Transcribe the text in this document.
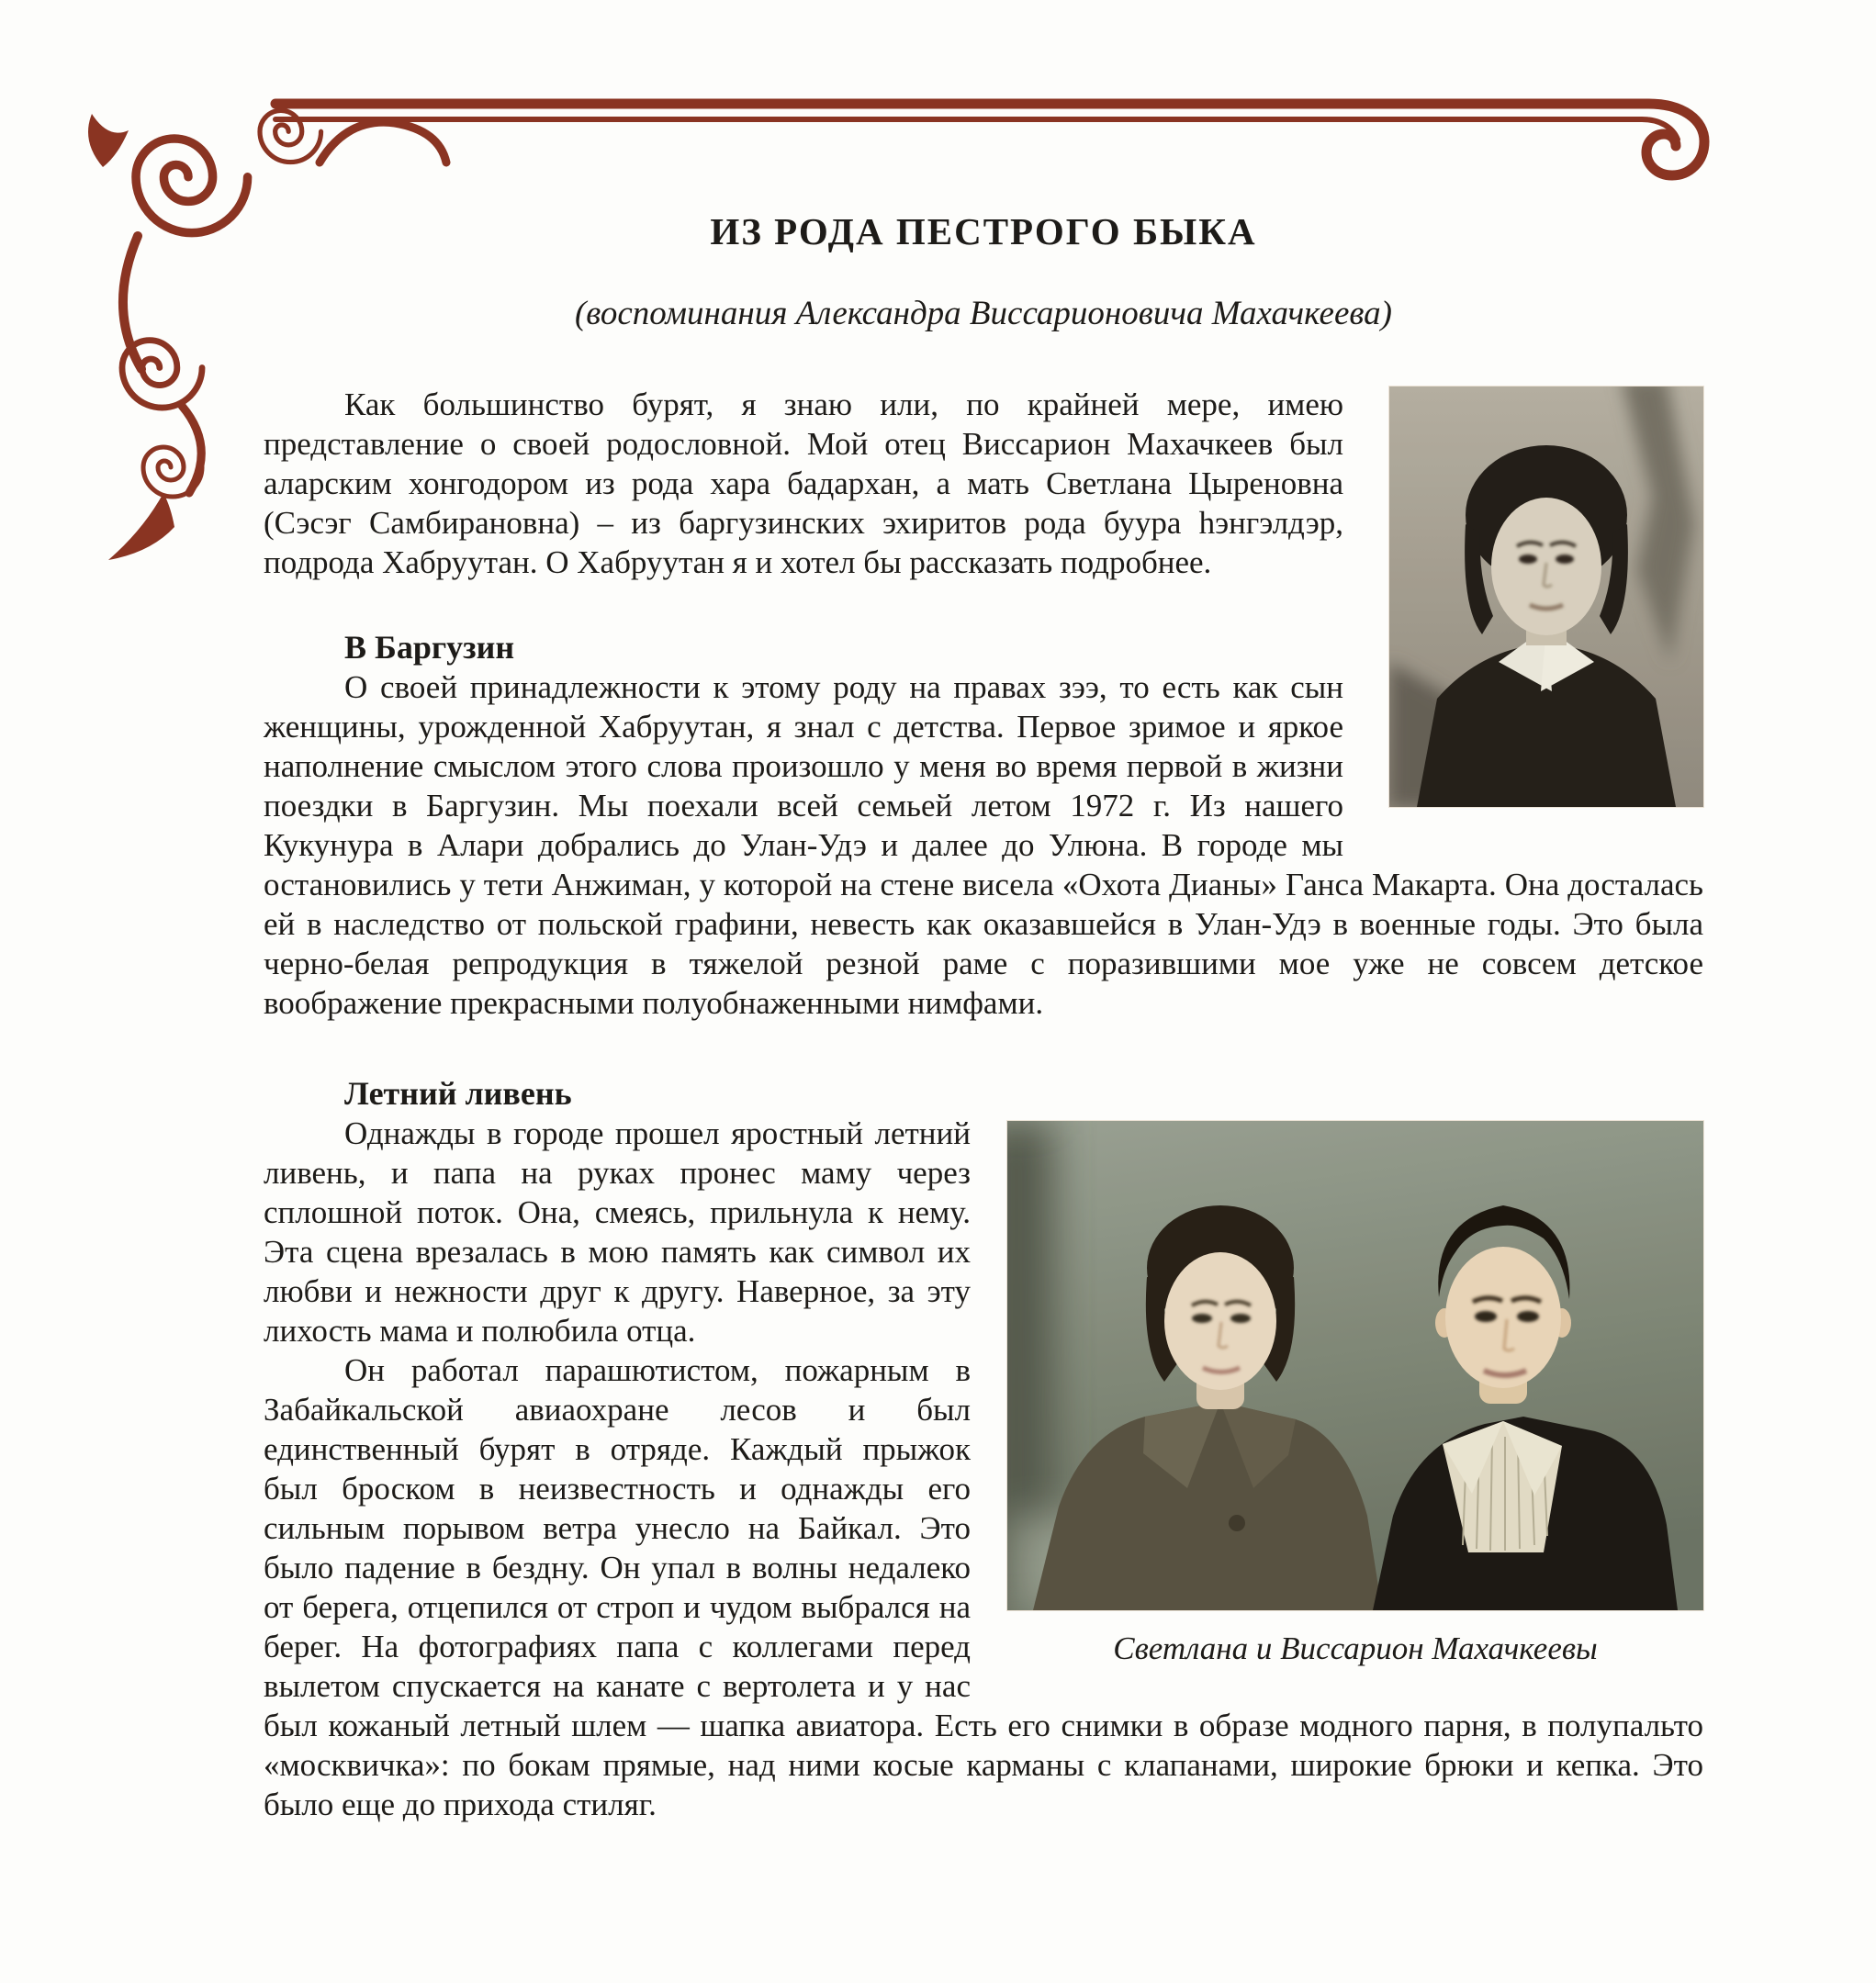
ИЗ РОДА ПЕСТРОГО БЫКА
(воспоминания Александра Виссарионовича Махачкеева)

Как большинство бурят, я знаю или, по крайней мере, имею представление о своей родословной. Мой отец Виссарион Махачкеев был аларским хонгодором из рода хара бадархан, а мать Светлана Цыреновна (Сэсэг Самбирановна) – из баргузинских эхиритов рода буура һэнгэлдэр, подрода Хабруутан. О Хабруутан я и хотел бы рассказать подробнее.

В Баргузин

О своей принадлежности к этому роду на правах зээ, то есть как сын женщины, урожденной Хабруутан, я знал с детства. Первое зримое и яркое наполнение смыслом этого слова произошло у меня во время первой в жизни поездки в Баргузин. Мы поехали всей семьей летом 1972 г. Из нашего Кукунура в Алари добрались до Улан-Удэ и далее до Улюна. В городе мы остановились у тети Анжиман, у которой на стене висела «Охота Дианы» Ганса Макарта. Она досталась ей в наследство от польской графини, невесть как оказавшейся в Улан-Удэ в военные годы. Это была черно-белая репродукция в тяжелой резной раме с поразившими мое уже не совсем детское воображение прекрасными полуобнаженными нимфами.

Летний ливень
Светлана и Виссарион Махачкеевы

Однажды в городе прошел яростный летний ливень, и папа на руках пронес маму через сплошной поток. Она, смеясь, прильнула к нему. Эта сцена врезалась в мою память как символ их любви и нежности друг к другу. Наверное, за эту лихость мама и полюбила отца.

Он работал парашютистом, пожарным в Забайкальской авиаохране лесов и был единственный бурят в отряде. Каждый прыжок был броском в неизвестность и однажды его сильным порывом ветра унесло на Байкал. Это было падение в бездну. Он упал в волны недалеко от берега, отцепился от строп и чудом выбрался на берег. На фотографиях папа с коллегами перед вылетом спускается на канате с вертолета и у нас был кожаный летный шлем — шапка авиатора. Есть его снимки в образе модного парня, в полупальто «москвичка»: по бокам прямые, над ними косые карманы с клапанами, широкие брюки и кепка. Это было еще до прихода стиляг.
